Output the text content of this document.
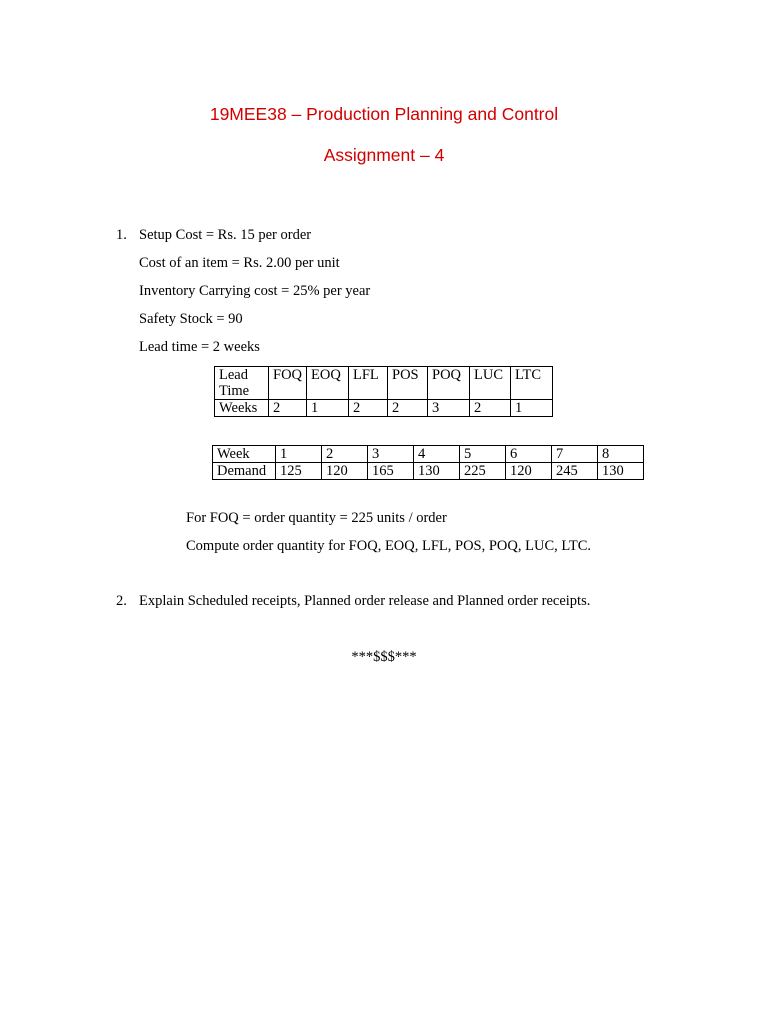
19MEE38 – Production Planning and Control
Assignment – 4
1. Setup Cost = Rs. 15 per order
Cost of an item = Rs. 2.00 per unit
Inventory Carrying cost = 25% per year
Safety Stock = 90
Lead time = 2 weeks
Lead Time	FOQ	EOQ	LFL	POS	POQ	LUC	LTC
Weeks	2	1	2	2	3	2	1
Week	1	2	3	4	5	6	7	8
Demand	125	120	165	130	225	120	245	130
For FOQ = order quantity = 225 units / order
Compute order quantity for FOQ, EOQ, LFL, POS, POQ, LUC, LTC.
2. Explain Scheduled receipts, Planned order release and Planned order receipts.
***$$$***
